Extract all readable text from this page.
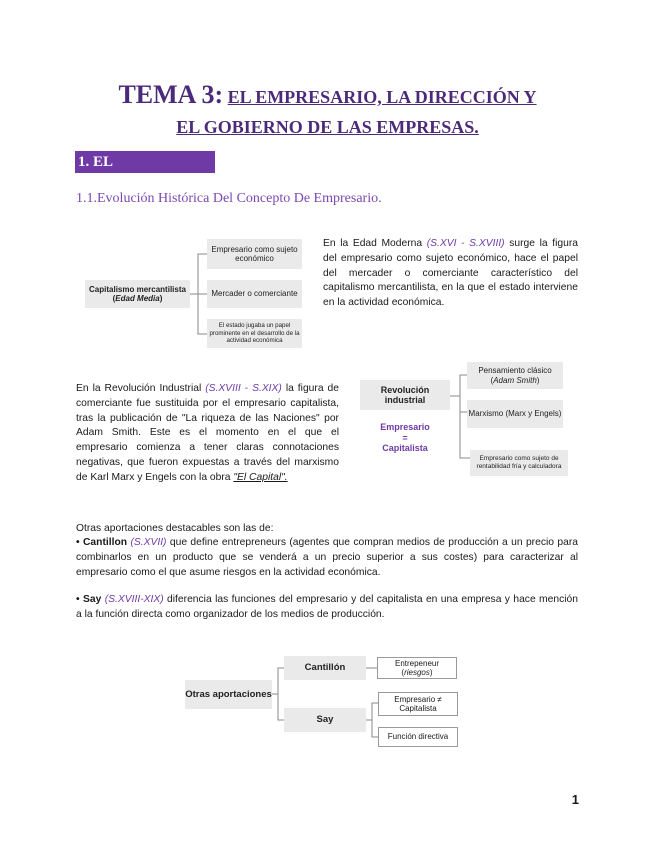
TEMA 3: EL EMPRESARIO, LA DIRECCIÓN Y
EL GOBIERNO DE LAS EMPRESAS.
1. EL EMPRESARIO.
1.1.Evolución Histórica Del Concepto De Empresario.
Capitalismo mercantilista
(Edad Media)
Empresario como sujeto económico
Mercader o comerciante
El estado jugaba un papel prominente en el desarrollo de la actividad económica
En la Edad Moderna (S.XVI - S.XVIII) surge la figura del empresario como sujeto económico, hace el papel del mercader o comerciante característico del capitalismo mercantilista, en la que el estado interviene en la actividad económica.
Revolución industrial
Pensamiento clásico
(Adam Smith)
Marxismo (Marx y Engels)
Empresario
=
Capitalista
Empresario como sujeto de rentabilidad fría y calculadora
En la Revolución Industrial (S.XVIII - S.XIX) la figura de comerciante fue sustituida por el empresario capitalista, tras la publicación de "La riqueza de las Naciones" por Adam Smith. Este es el momento en el que el empresario comienza a tener claras connotaciones negativas, que fueron expuestas a través del marxismo de Karl Marx y Engels con la obra "El Capital".
Otras aportaciones destacables son las de:
• Cantillon (S.XVII) que define entrepreneurs (agentes que compran medios de producción a un precio para combinarlos en un producto que se venderá a un precio superior a sus costes) para caracterizar al empresario como el que asume riesgos en la actividad económica.
• Say (S.XVIII-XIX) diferencia las funciones del empresario y del capitalista en una empresa y hace mención a la función directa como organizador de los medios de producción.
Otras aportaciones
Cantillón
Say
Entrepeneur
(riesgos)
Empresario ≠ Capitalista
Función directiva
1
